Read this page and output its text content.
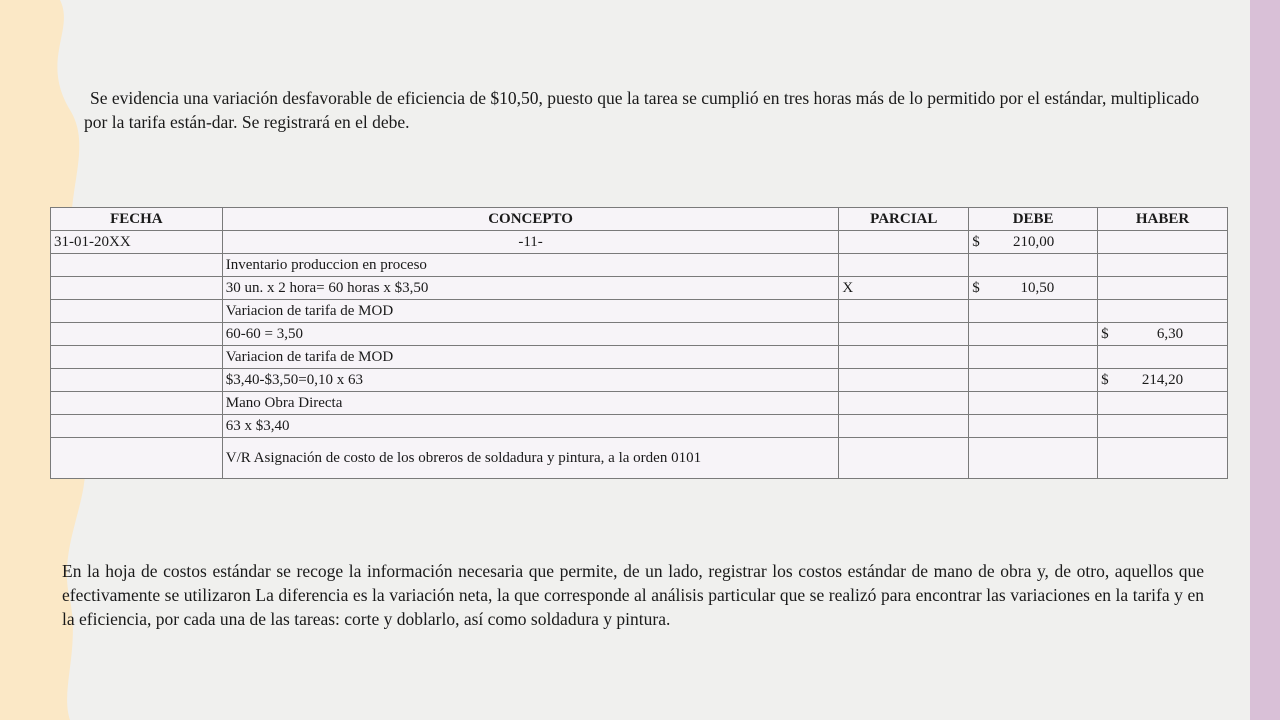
Se evidencia una variación desfavorable de eficiencia de $10,50, puesto que la tarea se cumplió en tres horas más de lo permitido por el estándar, multiplicado por la tarifa están-dar. Se registrará en el debe.

FECHA	CONCEPTO	PARCIAL	DEBE	HABER
31-01-20XX	-11-		$ 210,00	
	Inventario produccion en proceso			
	30 un. x 2 hora= 60 horas x $3,50	X	$ 10,50	
	Variacion de tarifa de MOD			
	60-60 = 3,50			$ 6,30
	Variacion de tarifa de MOD			
	$3,40-$3,50=0,10 x 63			$ 214,20
	Mano Obra Directa			
	63 x $3,40			
	V/R Asignación de costo de los obreros de soldadura y pintura, a la orden 0101			

En la hoja de costos estándar se recoge la información necesaria que permite, de un lado, registrar los costos estándar de mano de obra y, de otro, aquellos que efectivamente se utilizaron La diferencia es la variación neta, la que corresponde al análisis particular que se realizó para encontrar las variaciones en la tarifa y en la eficiencia, por cada una de las tareas: corte y doblarlo, así como soldadura y pintura.
